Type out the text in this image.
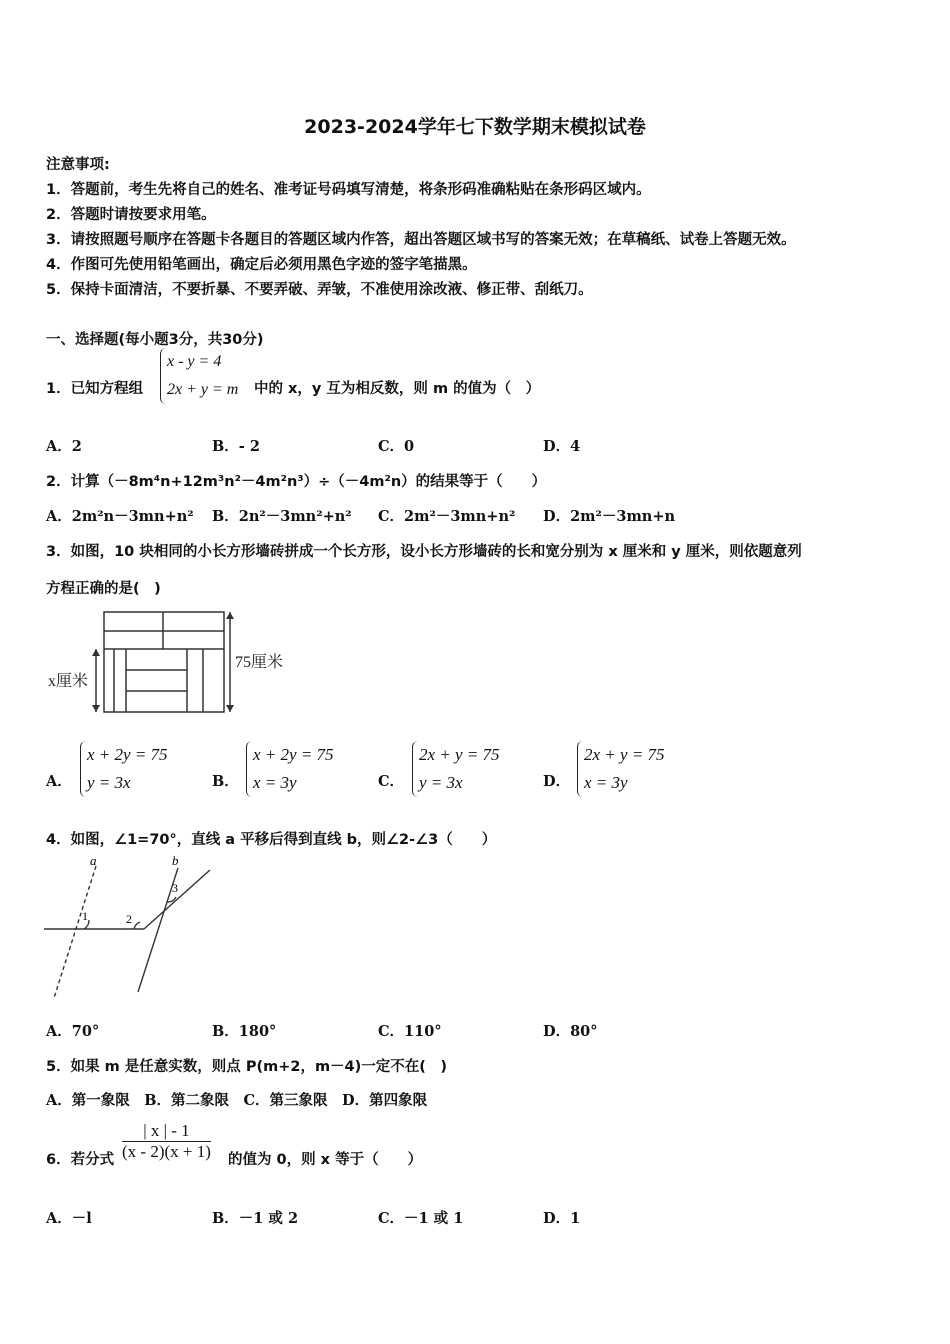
2023-2024学年七下数学期末模拟试卷
注意事项:
1．答题前，考生先将自己的姓名、准考证号码填写清楚，将条形码准确粘贴在条形码区域内。
2．答题时请按要求用笔。
3．请按照题号顺序在答题卡各题目的答题区域内作答，超出答题区域书写的答案无效；在草稿纸、试卷上答题无效。
4．作图可先使用铅笔画出，确定后必须用黑色字迹的签字笔描黑。
5．保持卡面清洁，不要折暴、不要弄破、弄皱，不准使用涂改液、修正带、刮纸刀。
一、选择题(每小题3分，共30分)
1．已知方程组
x - y = 4
2x + y = m 中的 x，y 互为相反数，则 m 的值为（　）
A．2	B．- 2	C．0	D．4
2．计算（－8m⁴n+12m³n²－4m²n³）÷（－4m²n）的结果等于（　　）
A．2m²n－3mn+n² B．2n²－3mn²+n² C．2m²－3mn+n² D．2m²－3mn+n
3．如图，10 块相同的小长方形墙砖拼成一个长方形，设小长方形墙砖的长和宽分别为 x 厘米和 y 厘米，则依题意列
方程正确的是(　)
x厘米
75厘米
A．
x + 2y = 75
y = 3x	B．
x + 2y = 75
x = 3y	C．
2x + y = 75
y = 3x	D．
2x + y = 75
x = 3y
4．如图，∠1=70°，直线 a 平移后得到直线 b，则∠2-∠3（　　）
a	b
1	2
3
A．70°	B．180°	C．110°	D．80°
5．如果 m 是任意实数，则点 P(m+2，m－4)一定不在(　)
A．第一象限　B．第二象限　C．第三象限　D．第四象限
6．若分式 $\frac{| x | - 1}{(x - 2)(x + 1)}$ 的值为 0，则 x 等于（　　）
A．－l	B．－1 或 2	C．－1 或 1	D．1
